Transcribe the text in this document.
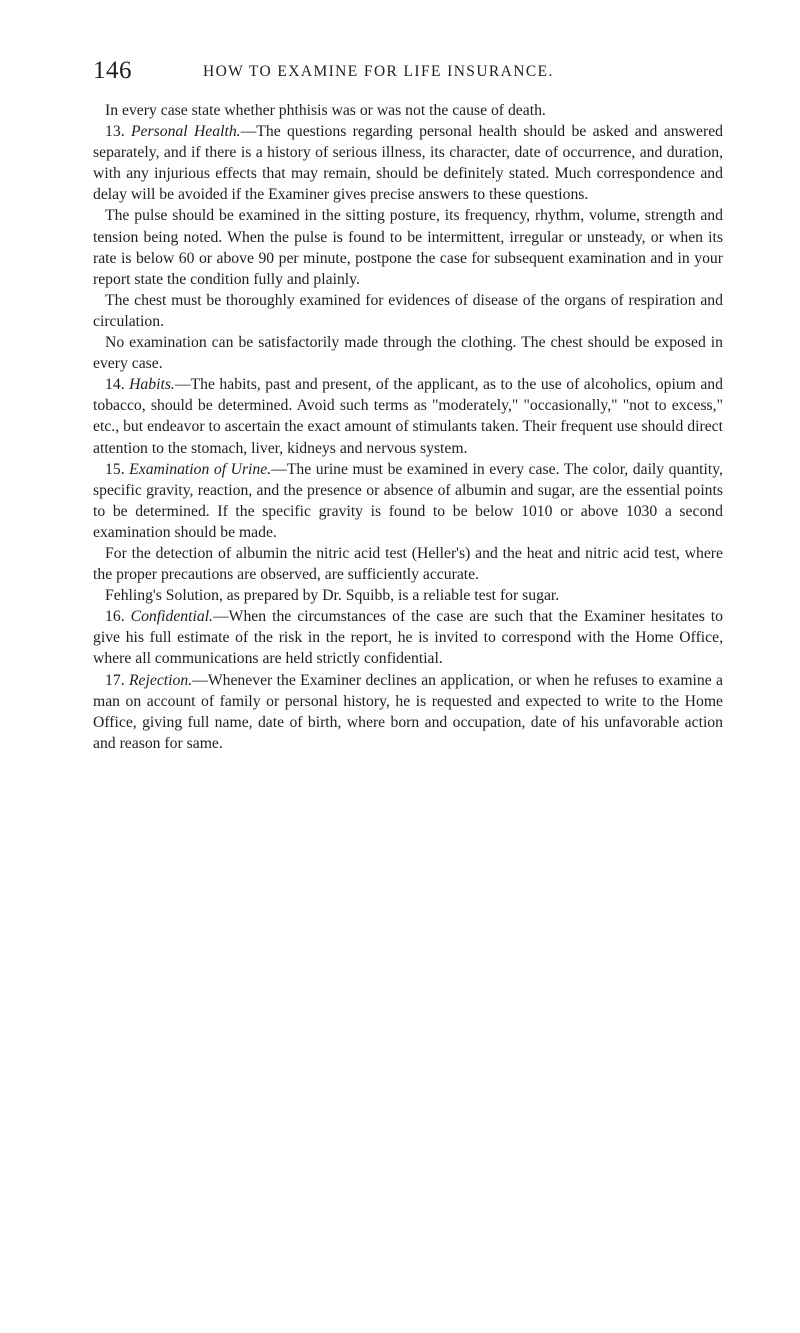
146	HOW TO EXAMINE FOR LIFE INSURANCE.

In every case state whether phthisis was or was not the cause of death.

13. Personal Health.—The questions regarding personal health should be asked and answered separately, and if there is a history of serious illness, its character, date of occurrence, and duration, with any injurious effects that may remain, should be definitely stated. Much correspondence and delay will be avoided if the Examiner gives precise answers to these questions.

The pulse should be examined in the sitting posture, its frequency, rhythm, volume, strength and tension being noted. When the pulse is found to be intermittent, irregular or unsteady, or when its rate is below 60 or above 90 per minute, postpone the case for subsequent examination and in your report state the condition fully and plainly.

The chest must be thoroughly examined for evidences of disease of the organs of respiration and circulation.

No examination can be satisfactorily made through the clothing. The chest should be exposed in every case.

14. Habits.—The habits, past and present, of the applicant, as to the use of alcoholics, opium and tobacco, should be determined. Avoid such terms as "moderately," "occasionally," "not to excess," etc., but endeavor to ascertain the exact amount of stimulants taken. Their frequent use should direct attention to the stomach, liver, kidneys and nervous system.

15. Examination of Urine.—The urine must be examined in every case. The color, daily quantity, specific gravity, reaction, and the presence or absence of albumin and sugar, are the essential points to be determined. If the specific gravity is found to be below 1010 or above 1030 a second examination should be made.

For the detection of albumin the nitric acid test (Heller's) and the heat and nitric acid test, where the proper precautions are observed, are sufficiently accurate.

Fehling's Solution, as prepared by Dr. Squibb, is a reliable test for sugar.

16. Confidential.—When the circumstances of the case are such that the Examiner hesitates to give his full estimate of the risk in the report, he is invited to correspond with the Home Office, where all communications are held strictly confidential.

17. Rejection.—Whenever the Examiner declines an application, or when he refuses to examine a man on account of family or personal history, he is requested and expected to write to the Home Office, giving full name, date of birth, where born and occupation, date of his unfavorable action and reason for same.
